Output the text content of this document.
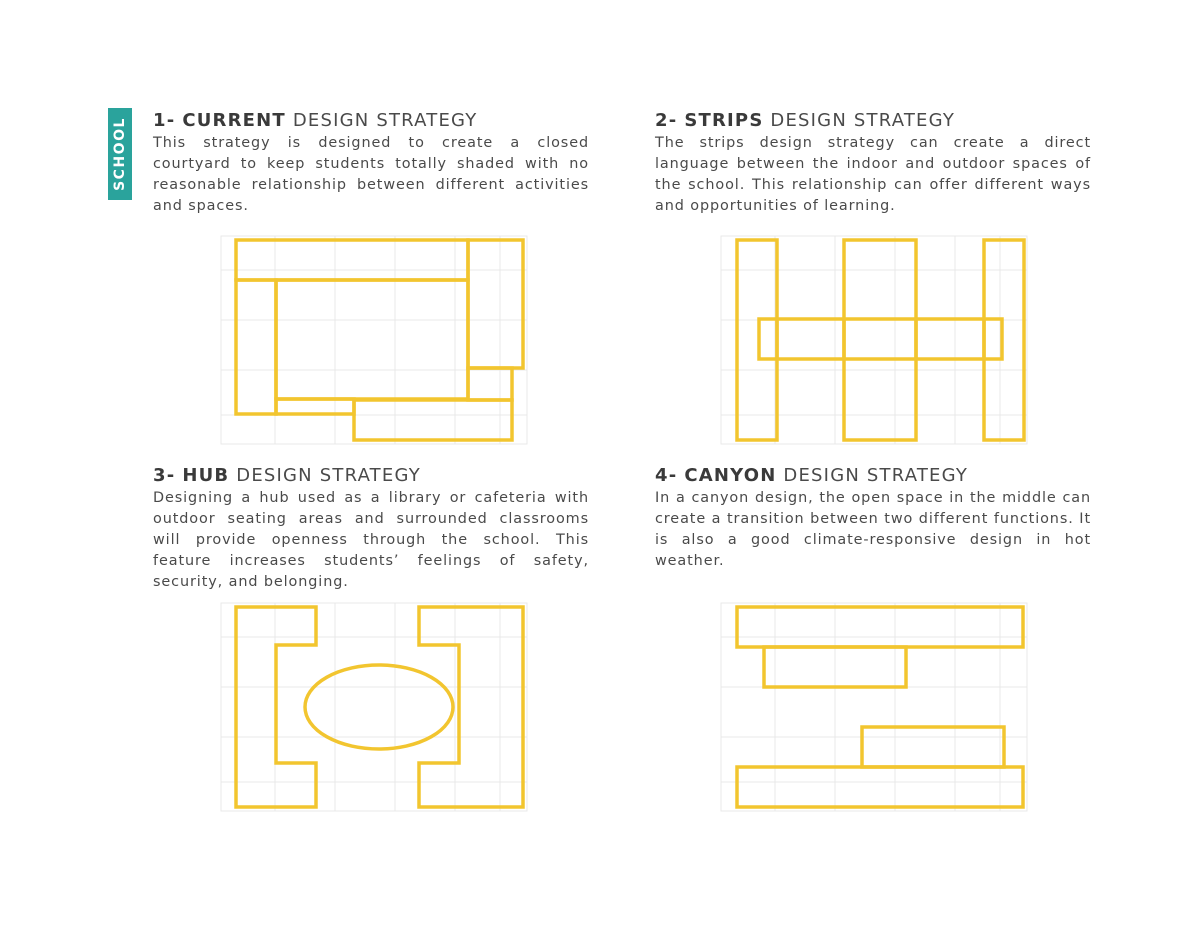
SCHOOL 1- CURRENT DESIGN STRATEGY
This strategy is designed to create a closed courtyard to keep students totally shaded with no reasonable relationship between different activities and spaces.
2- STRIPS DESIGN STRATEGY
The strips design strategy can create a direct language between the indoor and outdoor spaces of the school. This relationship can offer different ways and opportunities of learning.
3- HUB DESIGN STRATEGY
Designing a hub used as a library or cafeteria with outdoor seating areas and surrounded classrooms will provide openness through the school. This feature increases students’ feelings of safety, security, and belonging.
4- CANYON DESIGN STRATEGY
In a canyon design, the open space in the middle can create a transition between two different functions. It is also a good climate-responsive design in hot weather.
